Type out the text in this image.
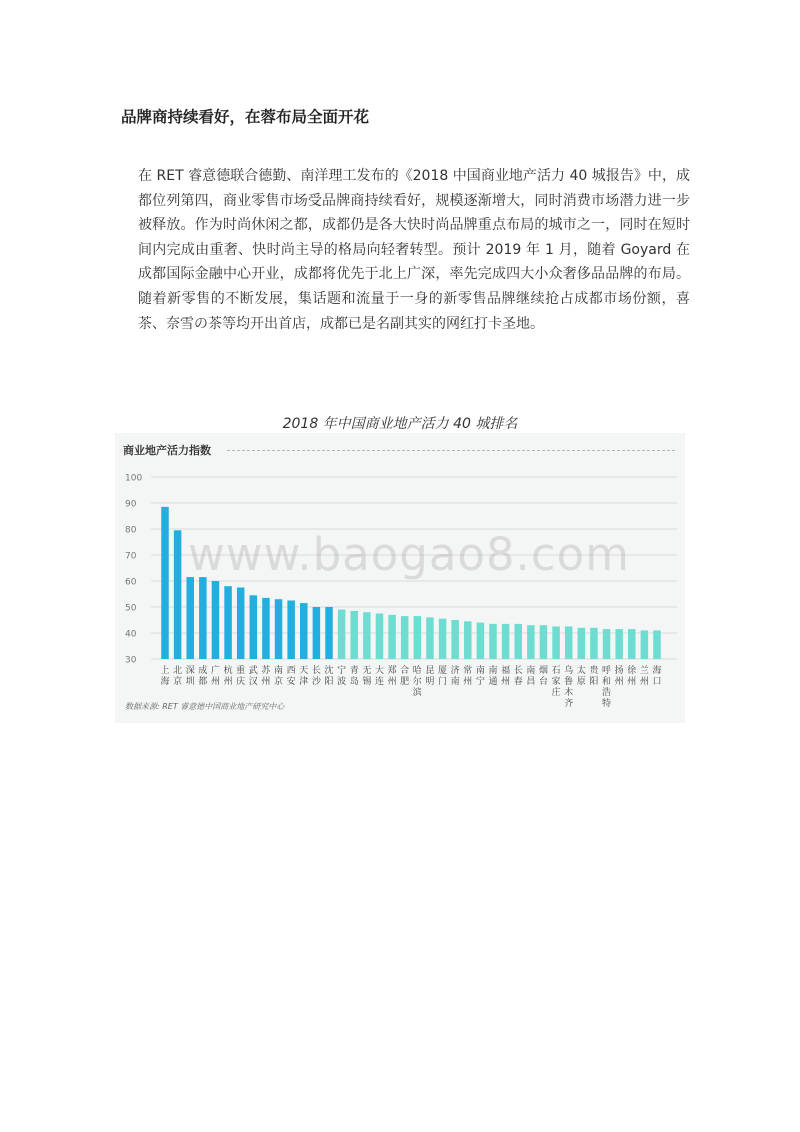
品牌商持续看好，在蓉布局全面开花

在 RET 睿意德联合德勤、南洋理工发布的《2018 中国商业地产活力 40 城报告》中，成都位列第四，商业零售市场受品牌商持续看好，规模逐渐增大，同时消费市场潜力进一步被释放。作为时尚休闲之都，成都仍是各大快时尚品牌重点布局的城市之一，同时在短时间内完成由重奢、快时尚主导的格局向轻奢转型。预计 2019 年 1 月，随着 Goyard 在成都国际金融中心开业，成都将优先于北上广深，率先完成四大小众奢侈品品牌的布局。随着新零售的不断发展，集话题和流量于一身的新零售品牌继续抢占成都市场份额，喜茶、奈雪の茶等均开出首店，成都已是名副其实的网红打卡圣地。

2018 年中国商业地产活力 40 城排名
商业地产活力指数
30
40
50
60
70
80
90
100
上海
北京
深圳
成都
广州
杭州
重庆
武汉
苏州
南京
西安
天津
长沙
沈阳
宁波
青岛
无锡
大连
郑州
合肥
哈尔滨
昆明
厦门
济南
常州
南宁
南通
福州
长春
南昌
烟台
石家庄
乌鲁木齐
太原
贵阳
呼和浩特
扬州
徐州
兰州
海口
数据来源: RET 睿意德中国商业地产研究中心
www.baogao8.com
